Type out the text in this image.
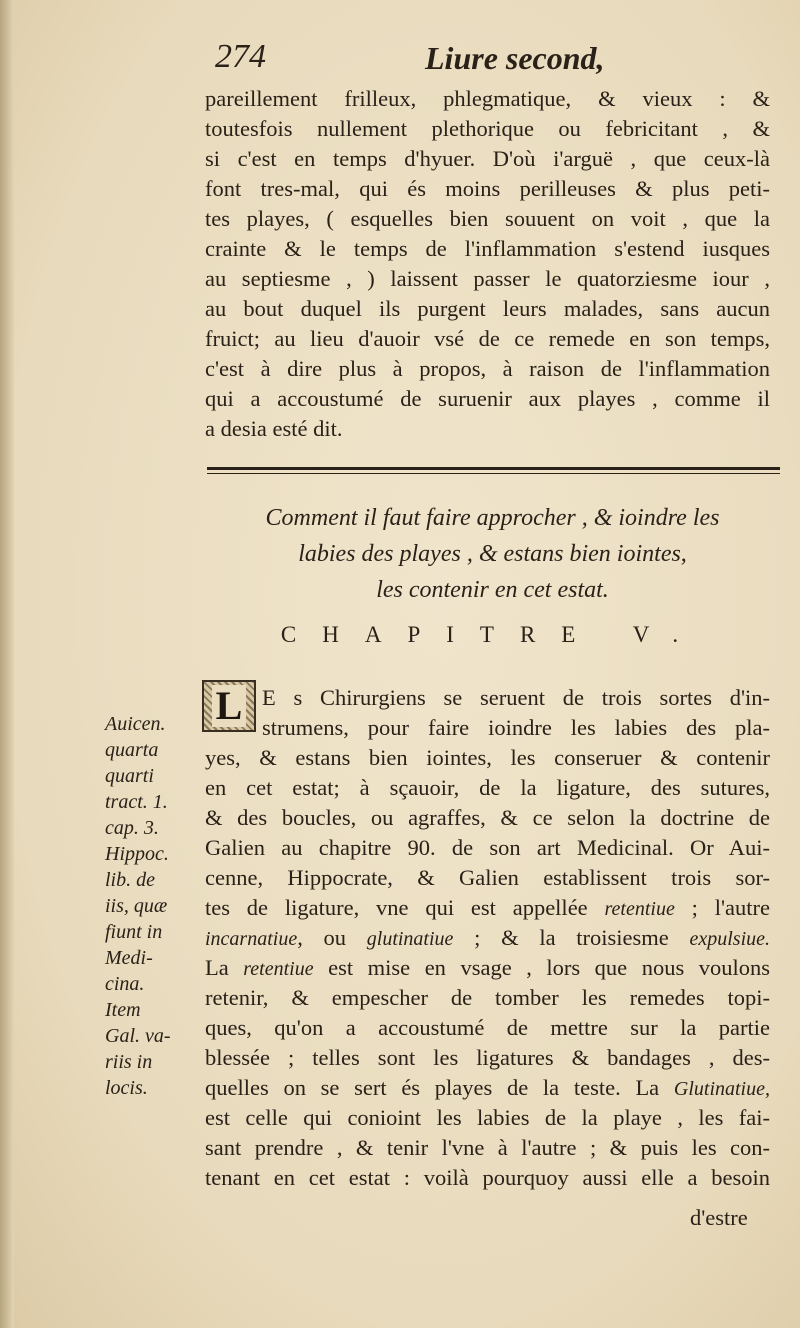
274	Liure second,
pareillement frilleux, phlegmatique, & vieux : &
toutesfois nullement plethorique ou febricitant , &
si c'est en temps d'hyuer. D'où i'arguë , que ceux-là
font tres-mal, qui és moins perilleuses & plus peti-
tes playes, ( esquelles bien souuent on voit , que la
crainte & le temps de l'inflammation s'estend iusques
au septiesme , ) laissent passer le quatorziesme iour ,
au bout duquel ils purgent leurs malades, sans aucun
fruict; au lieu d'auoir vsé de ce remede en son temps,
c'est à dire plus à propos, à raison de l'inflammation
qui a accoustumé de suruenir aux playes , comme il
a desia esté dit.
Comment il faut faire approcher , & ioindre les
labies des playes , & estans bien iointes,
les contenir en cet estat.
CHAPITRE V.
L E s Chirurgiens se seruent de trois sortes d'in-
strumens, pour faire ioindre les labies des pla-
yes, & estans bien iointes, les conseruer & contenir
en cet estat; à sçauoir, de la ligature, des sutures,
& des boucles, ou agraffes, & ce selon la doctrine de
Galien au chapitre 90. de son art Medicinal. Or Aui-
cenne, Hippocrate, & Galien establissent trois sor-
tes de ligature, vne qui est appellée retentiue ; l'autre
incarnatiue, ou glutinatiue ; & la troisiesme expulsiue.
La retentiue est mise en vsage , lors que nous voulons
retenir, & empescher de tomber les remedes topi-
ques, qu'on a accoustumé de mettre sur la partie
blessée ; telles sont les ligatures & bandages , des-
quelles on se sert és playes de la teste. La Glutinatiue,
est celle qui conioint les labies de la playe , les fai-
sant prendre , & tenir l'vne à l'autre ; & puis les con-
tenant en cet estat : voilà pourquoy aussi elle a besoin
d'estre
Auicen.
quarta
quarti
tract. 1.
cap. 3.
Hippoc.
lib. de
iis, quæ
fiunt in
Medi-
cina.
Item
Gal. va-
riis in
locis.
